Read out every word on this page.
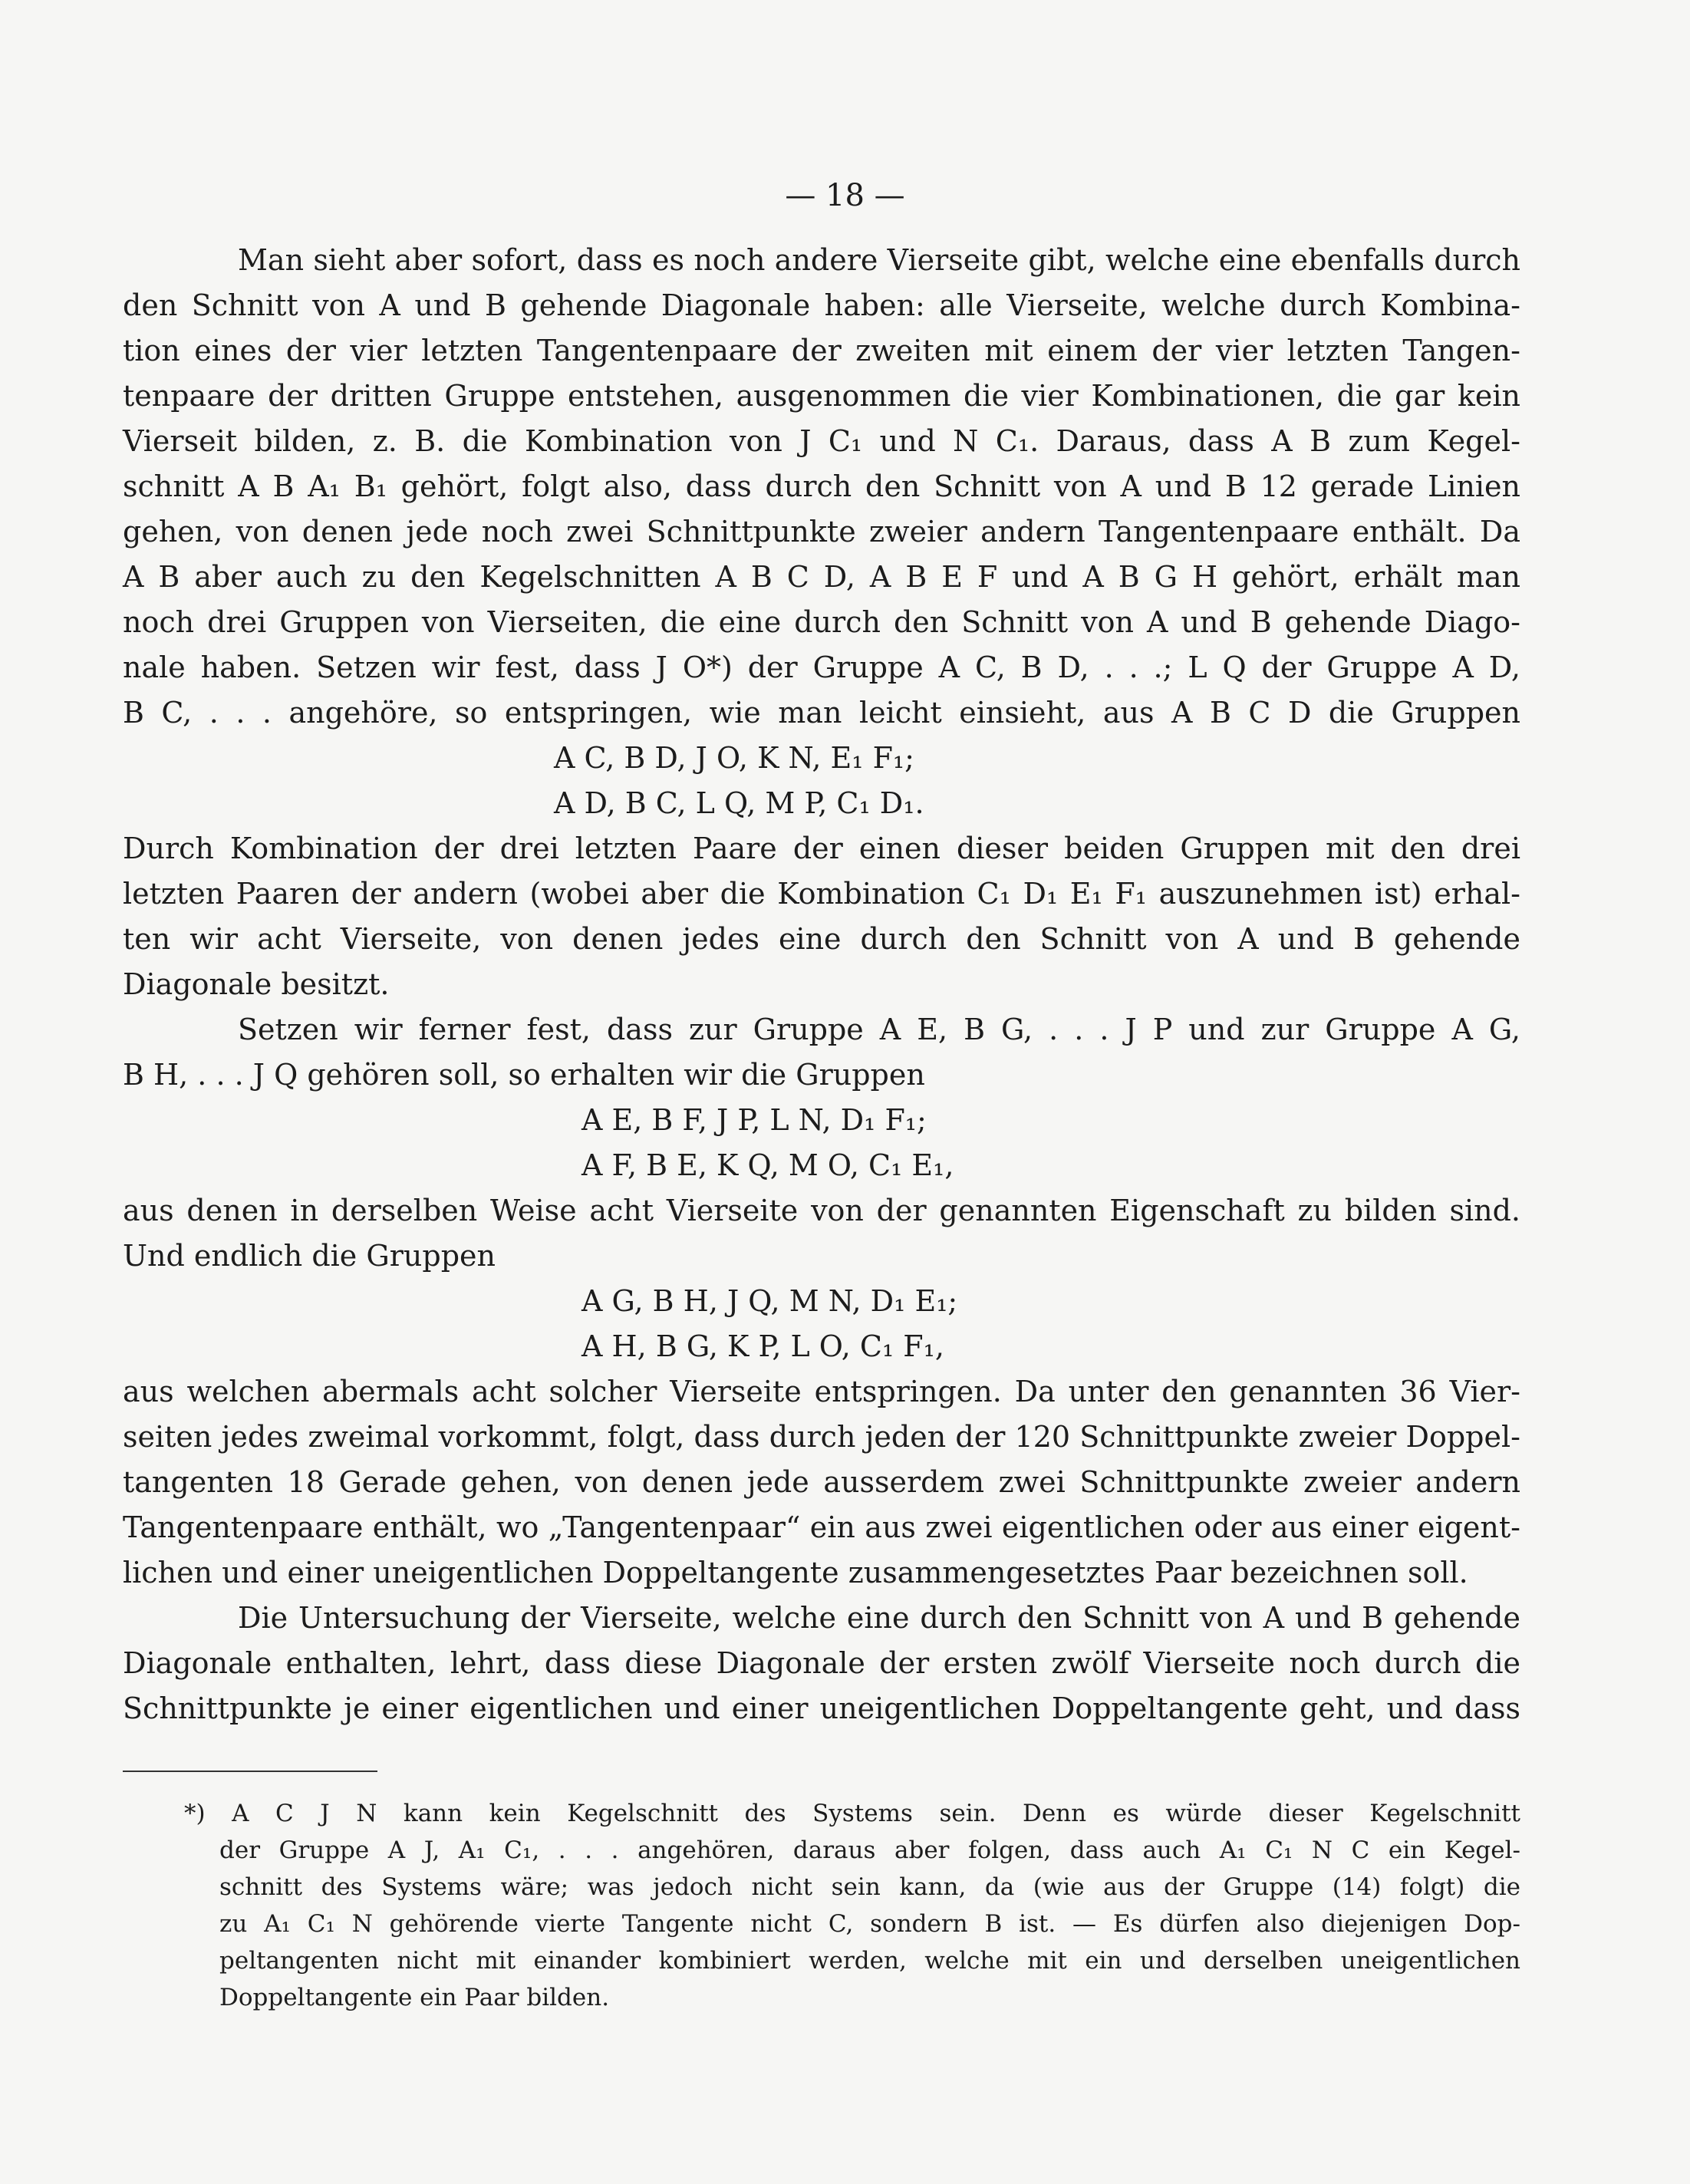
— 18 —
Man sieht aber sofort, dass es noch andere Vierseite gibt, welche eine ebenfalls durch
den Schnitt von A und B gehende Diagonale haben: alle Vierseite, welche durch Kombina-
tion eines der vier letzten Tangentenpaare der zweiten mit einem der vier letzten Tangen-
tenpaare der dritten Gruppe entstehen, ausgenommen die vier Kombinationen, die gar kein
Vierseit bilden, z. B. die Kombination von J C₁ und N C₁. Daraus, dass A B zum Kegel-
schnitt A B A₁ B₁ gehört, folgt also, dass durch den Schnitt von A und B 12 gerade Linien
gehen, von denen jede noch zwei Schnittpunkte zweier andern Tangentenpaare enthält. Da
A B aber auch zu den Kegelschnitten A B C D, A B E F und A B G H gehört, erhält man
noch drei Gruppen von Vierseiten, die eine durch den Schnitt von A und B gehende Diago-
nale haben. Setzen wir fest, dass J O*) der Gruppe A C, B D, . . .; L Q der Gruppe A D,
B C, . . . angehöre, so entspringen, wie man leicht einsieht, aus A B C D die Gruppen
A C, B D, J O, K N, E₁ F₁;
A D, B C, L Q, M P, C₁ D₁.
Durch Kombination der drei letzten Paare der einen dieser beiden Gruppen mit den drei
letzten Paaren der andern (wobei aber die Kombination C₁ D₁ E₁ F₁ auszunehmen ist) erhal-
ten wir acht Vierseite, von denen jedes eine durch den Schnitt von A und B gehende
Diagonale besitzt.
Setzen wir ferner fest, dass zur Gruppe A E, B G, . . . J P und zur Gruppe A G,
B H, . . . J Q gehören soll, so erhalten wir die Gruppen
A E, B F, J P, L N, D₁ F₁;
A F, B E, K Q, M O, C₁ E₁,
aus denen in derselben Weise acht Vierseite von der genannten Eigenschaft zu bilden sind.
Und endlich die Gruppen
A G, B H, J Q, M N, D₁ E₁;
A H, B G, K P, L O, C₁ F₁,
aus welchen abermals acht solcher Vierseite entspringen. Da unter den genannten 36 Vier-
seiten jedes zweimal vorkommt, folgt, dass durch jeden der 120 Schnittpunkte zweier Doppel-
tangenten 18 Gerade gehen, von denen jede ausserdem zwei Schnittpunkte zweier andern
Tangentenpaare enthält, wo „Tangentenpaar“ ein aus zwei eigentlichen oder aus einer eigent-
lichen und einer uneigentlichen Doppeltangente zusammengesetztes Paar bezeichnen soll.
Die Untersuchung der Vierseite, welche eine durch den Schnitt von A und B gehende
Diagonale enthalten, lehrt, dass diese Diagonale der ersten zwölf Vierseite noch durch die
Schnittpunkte je einer eigentlichen und einer uneigentlichen Doppeltangente geht, und dass
*) A C J N kann kein Kegelschnitt des Systems sein. Denn es würde dieser Kegelschnitt
der Gruppe A J, A₁ C₁, . . . angehören, daraus aber folgen, dass auch A₁ C₁ N C ein Kegel-
schnitt des Systems wäre; was jedoch nicht sein kann, da (wie aus der Gruppe (14) folgt) die
zu A₁ C₁ N gehörende vierte Tangente nicht C, sondern B ist. — Es dürfen also diejenigen Dop-
peltangenten nicht mit einander kombiniert werden, welche mit ein und derselben uneigentlichen
Doppeltangente ein Paar bilden.
